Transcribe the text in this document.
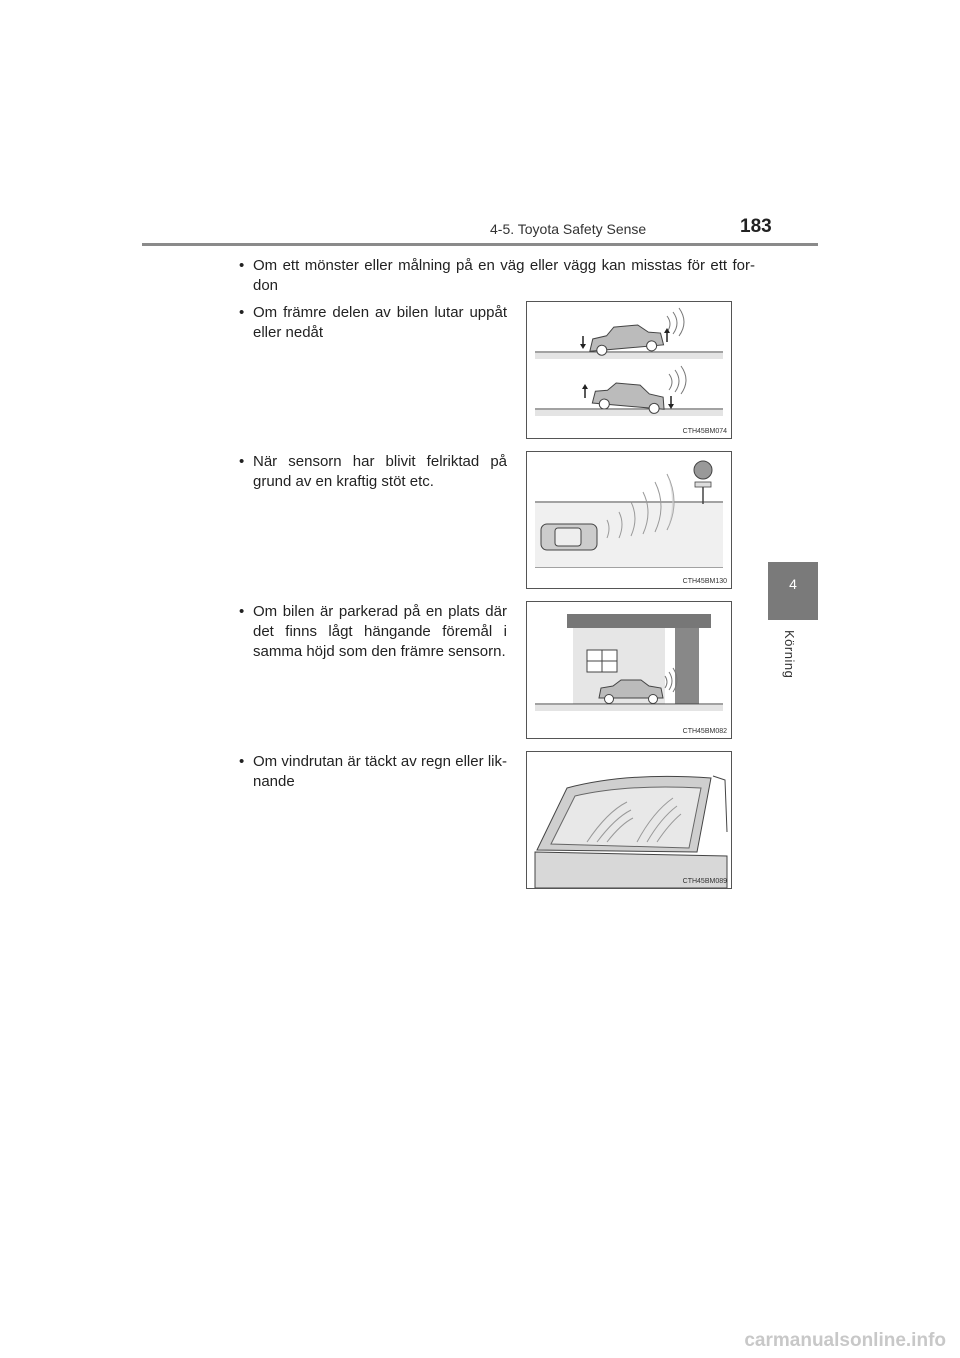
4-5. Toyota Safety Sense	183
4
Körning
• Om ett mönster eller målning på en väg eller vägg kan misstas för ett for-don
• Om främre delen av bilen lutar uppåt eller nedåt
CTH45BM074
• När sensorn har blivit felriktad på grund av en kraftig stöt etc.
CTH45BM130
• Om bilen är parkerad på en plats där det finns lågt hängande föremål i samma höjd som den främre sensorn.
CTH45BM082
• Om vindrutan är täckt av regn eller lik-nande
CTH45BM089
carmanualsonline.info
